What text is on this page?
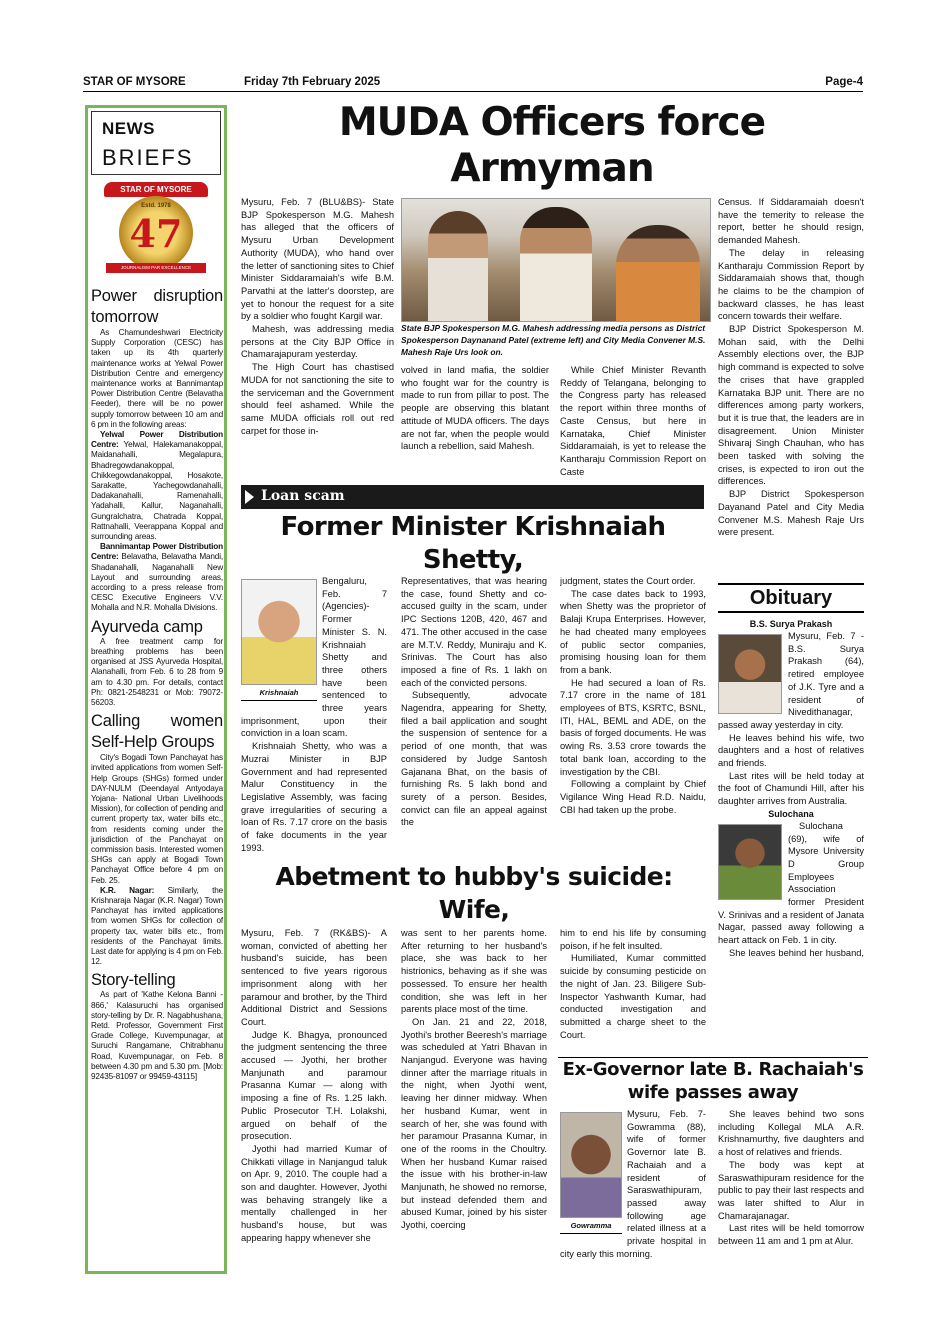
STAR OF MYSORE	Friday 7th February 2025	Page-4
NEWS
BRIEFS
STAR OF MYSORE
Estd. 1978
47
JOURNALISM PAR EXCELLENCE
Power disruption tomorrow

As Chamundeshwari Electricity Supply Corporation (CESC) has taken up its 4th quarterly maintenance works at Yelwal Power Distribution Centre and emergency maintenance works at Bannimantap Power Distribution Centre (Belavatha Feeder), there will be no power supply tomorrow between 10 am and 6 pm in the following areas:

Yelwal Power Distribution Centre: Yelwal, Halekamanakoppal, Maidanahalli, Megalapura, Bhadregowdanakoppal, Chikkegowdanakoppal, Hosakote, Sarakatte, Yachegowdanahalli, Dadakanahalli, Ramenahalli, Yadahalli, Kallur, Naganahalli, Gungralchatra, Chatrada Koppal, Rattnahalli, Veerappana Koppal and surrounding areas.

Bannimantap Power Distribution Centre: Belavatha, Belavatha Mandi, Shadanahalli, Naganahalli New Layout and surrounding areas, according to a press release from CESC Executive Engineers V.V. Mohalla and N.R. Mohalla Divisions.

Ayurveda camp

A free treatment camp for breathing problems has been organised at JSS Ayurveda Hospital, Alanahalli, from Feb. 6 to 28 from 9 am to 4.30 pm. For details, contact Ph: 0821-2548231 or Mob: 79072-56203.

Calling women Self-Help Groups

City's Bogadi Town Panchayat has invited applications from women Self-Help Groups (SHGs) formed under DAY-NULM (Deendayal Antyodaya Yojana- National Urban Livelihoods Mission), for collection of pending and current property tax, water bills etc., from residents coming under the jurisdiction of the Panchayat on commission basis. Interested women SHGs can apply at Bogadi Town Panchayat Office before 4 pm on Feb. 25.

K.R. Nagar: Similarly, the Krishnaraja Nagar (K.R. Nagar) Town Panchayat has invited applications from women SHGs for collection of property tax, water bills etc., from residents of the Panchayat limits. Last date for applying is 4 pm on Feb. 12.

Story-telling

As part of 'Kathe Kelona Banni - 866,' Kalasuruchi has organised story-telling by Dr. R. Nagabhushana, Retd. Professor, Government First Grade College, Kuvempunagar, at Suruchi Rangamane, Chitrabhanu Road, Kuvempunagar, on Feb. 8 between 4.30 pm and 5.30 pm. [Mob: 92435-81097 or 99459-43115]

MUDA Officers force Armyman

Mysuru, Feb. 7 (BLU&BS)- State BJP Spokesperson M.G. Mahesh has alleged that the officers of Mysuru Urban Development Authority (MUDA), who hand over the letter of sanctioning sites to Chief Minister Siddaramaiah's wife B.M. Parvathi at the latter's doorstep, are yet to honour the request for a site by a soldier who fought Kargil war.

Mahesh, was addressing media persons at the City BJP Office in Chamarajapuram yesterday.

The High Court has chastised MUDA for not sanctioning the site to the serviceman and the Government should feel ashamed. While the same MUDA officials roll out red carpet for those in-

State BJP Spokesperson M.G. Mahesh addressing media persons as District Spokesperson Daynanand Patel (extreme left) and City Media Convener M.S. Mahesh Raje Urs look on.

volved in land mafia, the soldier who fought war for the country is made to run from pillar to post. The people are observing this blatant attitude of MUDA officers. The days are not far, when the people would launch a rebellion, said Mahesh.

While Chief Minister Revanth Reddy of Telangana, belonging to the Congress party has released the report within three months of Caste Census, but here in Karnataka, Chief Minister Siddaramaiah, is yet to release the Kantharaju Commission Report on Caste

Census. If Siddaramaiah doesn't have the temerity to release the report, better he should resign, demanded Mahesh.

The delay in releasing Kantharaju Commission Report by Siddaramaiah shows that, though he claims to be the champion of backward classes, he has least concern towards their welfare.

BJP District Spokesperson M. Mohan said, with the Delhi Assembly elections over, the BJP high command is expected to solve the crises that have grappled Karnataka BJP unit. There are no differences among party workers, but it is true that, the leaders are in disagreement. Union Minister Shivaraj Singh Chauhan, who has been tasked with solving the crises, is expected to iron out the differences.

BJP District Spokesperson Dayanand Patel and City Media Convener M.S. Mahesh Raje Urs were present.

Loan scam
Former Minister Krishnaiah Shetty,
Krishnaiah

Bengaluru, Feb. 7 (Agencies)- Former Minister S. N. Krishnaiah Shetty and three others have been sentenced to three years imprisonment, upon their conviction in a loan scam.

Krishnaiah Shetty, who was a Muzrai Minister in BJP Government and had represented Malur Constituency in the Legislative Assembly, was facing grave irregularities of securing a loan of Rs. 7.17 crore on the basis of fake documents in the year 1993.

Representatives, that was hearing the case, found Shetty and co-accused guilty in the scam, under IPC Sections 120B, 420, 467 and 471. The other accused in the case are M.T.V. Reddy, Muniraju and K. Srinivas. The Court has also imposed a fine of Rs. 1 lakh on each of the convicted persons.

Subsequently, advocate Nagendra, appearing for Shetty, filed a bail application and sought the suspension of sentence for a period of one month, that was considered by Judge Santosh Gajanana Bhat, on the basis of furnishing Rs. 5 lakh bond and surety of a person. Besides, convict can file an appeal against the

judgment, states the Court order.

The case dates back to 1993, when Shetty was the proprietor of Balaji Krupa Enterprises. However, he had cheated many employees of public sector companies, promising housing loan for them from a bank.

He had secured a loan of Rs. 7.17 crore in the name of 181 employees of BTS, KSRTC, BSNL, ITI, HAL, BEML and ADE, on the basis of forged documents. He was owing Rs. 3.53 crore towards the total bank loan, according to the investigation by the CBI.

Following a complaint by Chief Vigilance Wing Head R.D. Naidu, CBI had taken up the probe.

Obituary
B.S. Surya Prakash

Mysuru, Feb. 7 - B.S. Surya Prakash (64), retired employee of J.K. Tyre and a resident of Nivedithanagar, passed away yesterday in city.

He leaves behind his wife, two daughters and a host of relatives and friends.

Last rites will be held today at the foot of Chamundi Hill, after his daughter arrives from Australia.

Sulochana

Sulochana (69), wife of Mysore University D Group Employees Association former President V. Srinivas and a resident of Janata Nagar, passed away following a heart attack on Feb. 1 in city.

She leaves behind her husband,

Abetment to hubby's suicide: Wife,

Mysuru, Feb. 7 (RK&BS)- A woman, convicted of abetting her husband's suicide, has been sentenced to five years rigorous imprisonment along with her paramour and brother, by the Third Additional District and Sessions Court.

Judge K. Bhagya, pronounced the judgment sentencing the three accused — Jyothi, her brother Manjunath and paramour Prasanna Kumar — along with imposing a fine of Rs. 1.25 lakh. Public Prosecutor T.H. Lolakshi, argued on behalf of the prosecution.

Jyothi had married Kumar of Chikkati village in Nanjangud taluk on Apr. 9, 2010. The couple had a son and daughter. However, Jyothi was behaving strangely like a mentally challenged in her husband's house, but was appearing happy whenever she

was sent to her parents home. After returning to her husband's place, she was back to her histrionics, behaving as if she was possessed. To ensure her health condition, she was left in her parents place most of the time.

On Jan. 21 and 22, 2018, Jyothi's brother Beeresh's marriage was scheduled at Yatri Bhavan in Nanjangud. Everyone was having dinner after the marriage rituals in the night, when Jyothi went, leaving her dinner midway. When her husband Kumar, went in search of her, she was found with her paramour Prasanna Kumar, in one of the rooms in the Choultry. When her husband Kumar raised the issue with his brother-in-law Manjunath, he showed no remorse, but instead defended them and abused Kumar, joined by his sister Jyothi, coercing

him to end his life by consuming poison, if he felt insulted.

Humiliated, Kumar committed suicide by consuming pesticide on the night of Jan. 23. Biligere Sub-Inspector Yashwanth Kumar, had conducted investigation and submitted a charge sheet to the Court.

Ex-Governor late B. Rachaiah's
wife passes away
Gowramma

Mysuru, Feb. 7- Gowramma (88), wife of former Governor late B. Rachaiah and a resident of Saraswathipuram, passed away following age related illness at a private hospital in city early this morning.

She leaves behind two sons including Kollegal MLA A.R. Krishnamurthy, five daughters and a host of relatives and friends.

The body was kept at Saraswathipuram residence for the public to pay their last respects and was later shifted to Alur in Chamarajanagar.

Last rites will be held tomorrow between 11 am and 1 pm at Alur.
